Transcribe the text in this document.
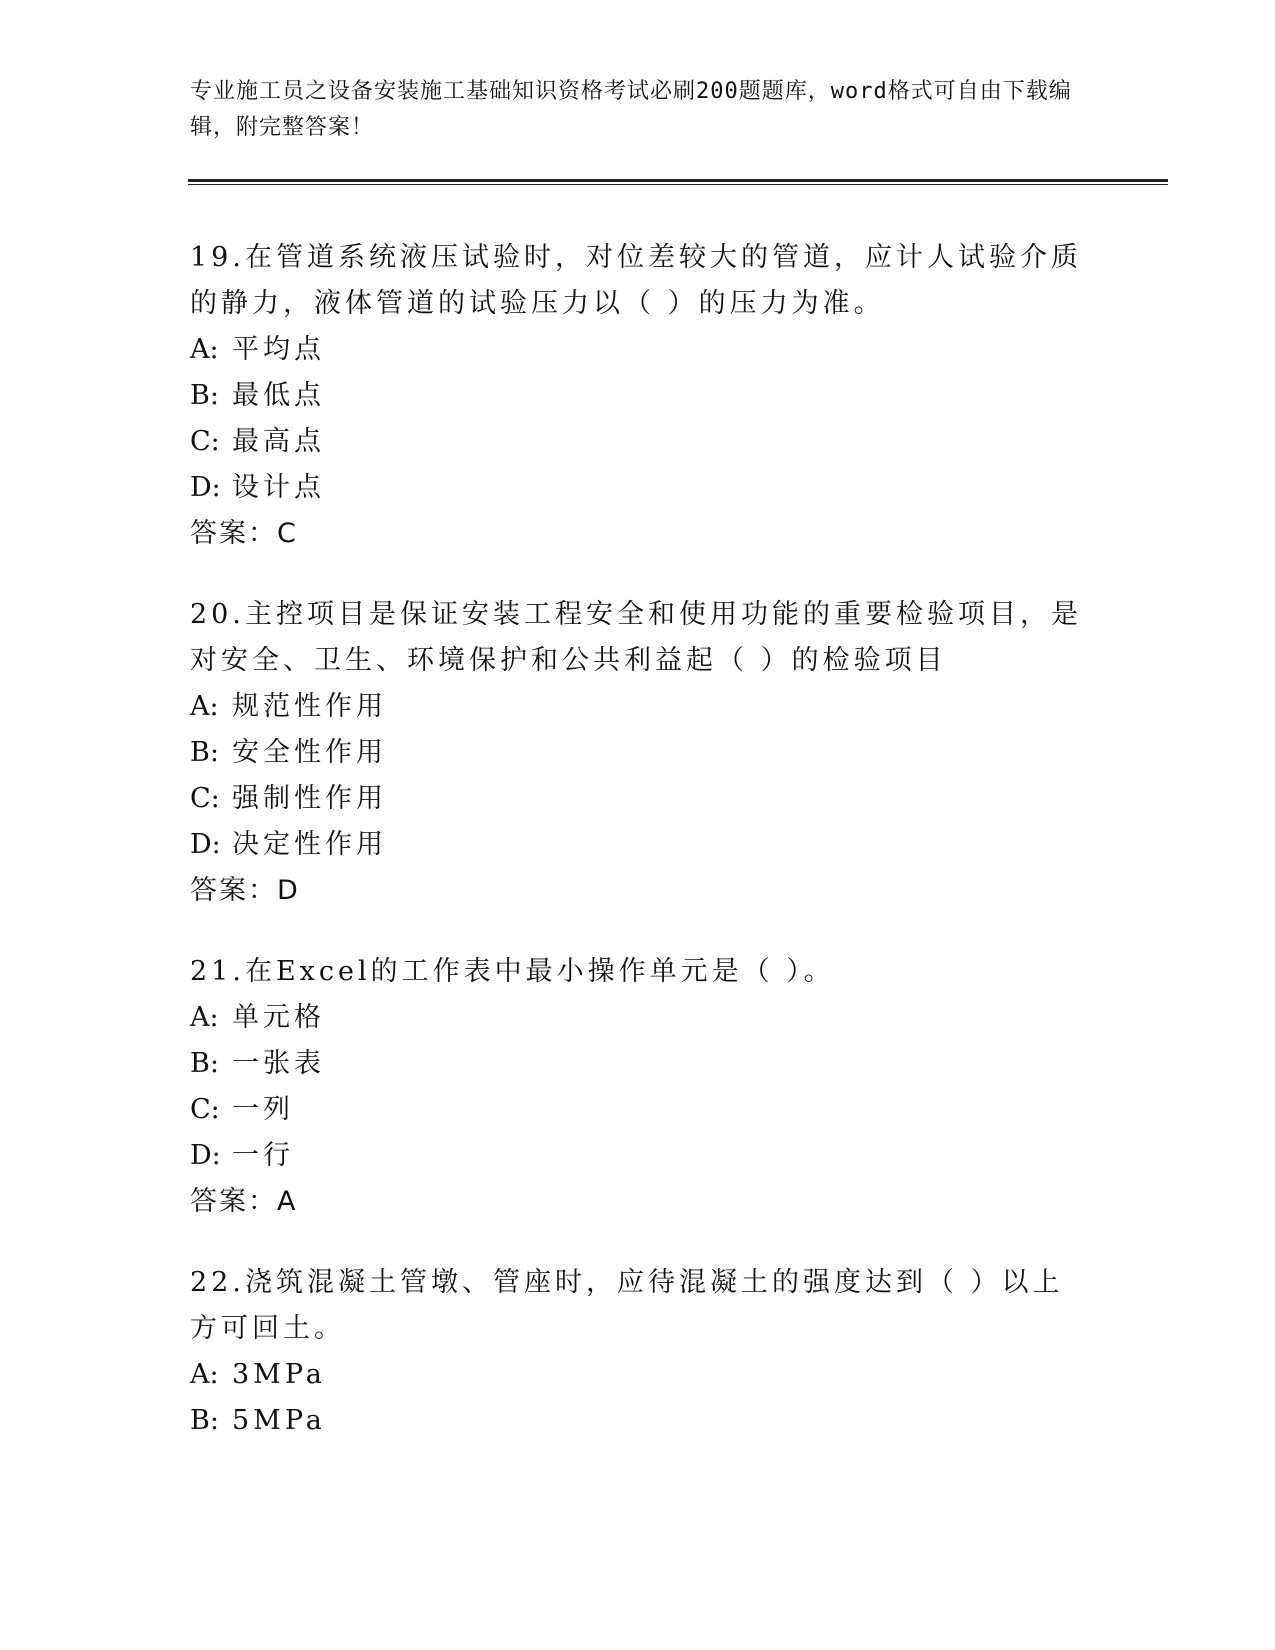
专业施工员之设备安装施工基础知识资格考试必刷200题题库，word格式可自由下载编辑，附完整答案！

19.在管道系统液压试验时，对位差较大的管道，应计人试验介质的静力，液体管道的试验压力以（ ）的压力为准。

A: 平均点

B: 最低点

C: 最高点

D: 设计点

答案：C

20.主控项目是保证安装工程安全和使用功能的重要检验项目，是对安全、卫生、环境保护和公共利益起（ ）的检验项目

A: 规范性作用

B: 安全性作用

C: 强制性作用

D: 决定性作用

答案：D

21.在Excel的工作表中最小操作单元是（ ）。

A: 单元格

B: 一张表

C: 一列

D: 一行

答案：A

22.浇筑混凝土管墩、管座时，应待混凝土的强度达到（ ）以上方可回土。

A: 3MPa

B: 5MPa
